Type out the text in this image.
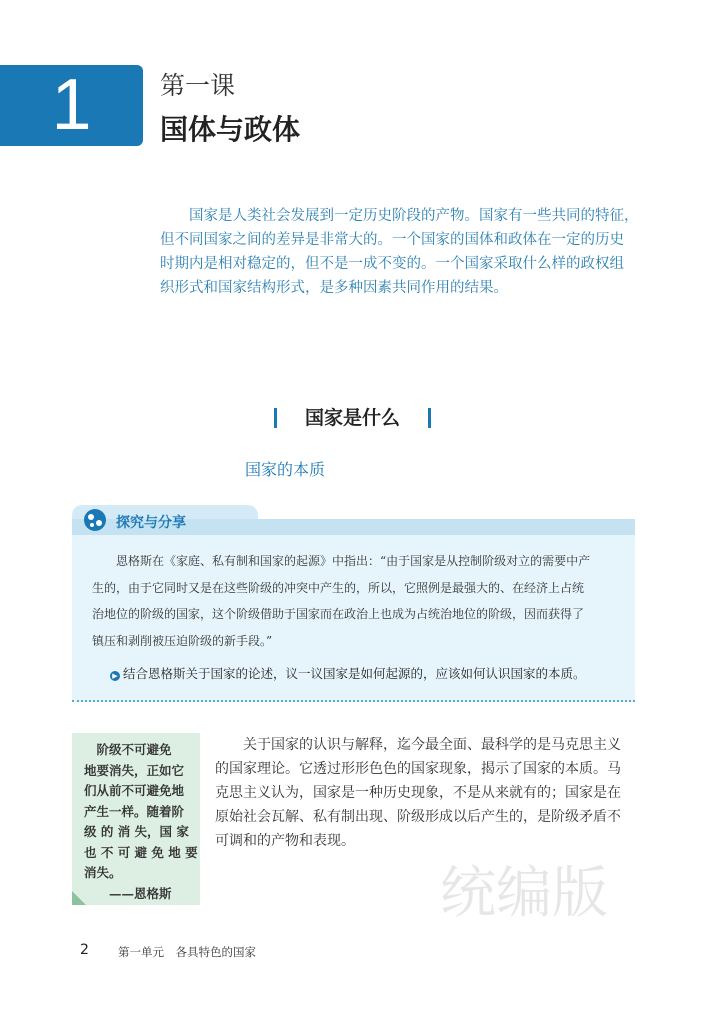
1	第一课
国体与政体
　　国家是人类社会发展到一定历史阶段的产物。国家有一些共同的特征，
但不同国家之间的差异是非常大的。一个国家的国体和政体在一定的历史
时期内是相对稳定的，但不是一成不变的。一个国家采取什么样的政权组
织形式和国家结构形式，是多种因素共同作用的结果。
国家是什么
国家的本质
探究与分享
　　恩格斯在《家庭、私有制和国家的起源》中指出：“由于国家是从控制阶级对立的需要中产
生的，由于它同时又是在这些阶级的冲突中产生的，所以，它照例是最强大的、在经济上占统
治地位的阶级的国家，这个阶级借助于国家而在政治上也成为占统治地位的阶级，因而获得了
镇压和剥削被压迫阶级的新手段。”
▶ 结合恩格斯关于国家的论述，议一议国家是如何起源的，应该如何认识国家的本质。
　阶级不可避免
地要消失，正如它
们从前不可避免地
产生一样。随着阶
级 的 消 失，国 家
也 不 可 避 免 地 要
消失。
　　——恩格斯
　　关于国家的认识与解释，迄今最全面、最科学的是马克思主义
的国家理论。它透过形形色色的国家现象，揭示了国家的本质。马
克思主义认为，国家是一种历史现象，不是从来就有的；国家是在
原始社会瓦解、私有制出现、阶级形成以后产生的，是阶级矛盾不
可调和的产物和表现。
统编版
2	第一单元　各具特色的国家
